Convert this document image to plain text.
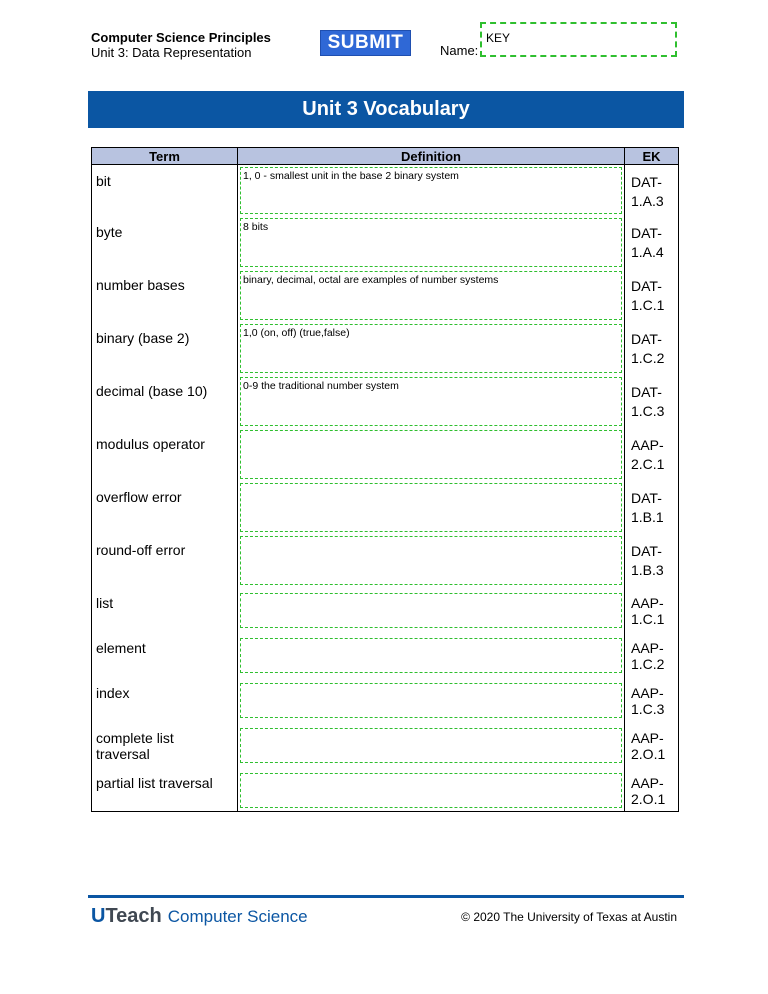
Computer Science Principles
Unit 3: Data Representation	SUBMIT	Name:
KEY
Unit 3 Vocabulary
Term	Definition	EK
bit	1, 0 - smallest unit in the base 2 binary system	DAT-
1.A.3
byte	8 bits	DAT-
1.A.4
number bases	binary, decimal, octal are examples of number systems	DAT-
1.C.1
binary (base 2)	1,0 (on, off) (true,false)	DAT-
1.C.2
decimal (base 10)	0-9 the traditional number system	DAT-
1.C.3
modulus operator		AAP-
2.C.1
overflow error		DAT-
1.B.1
round-off error		DAT-
1.B.3
list		AAP-
1.C.1
element		AAP-
1.C.2
index		AAP-
1.C.3
complete list traversal		AAP-
2.O.1
partial list traversal		AAP-
2.O.1
UTeach Computer Science	© 2020 The University of Texas at Austin
